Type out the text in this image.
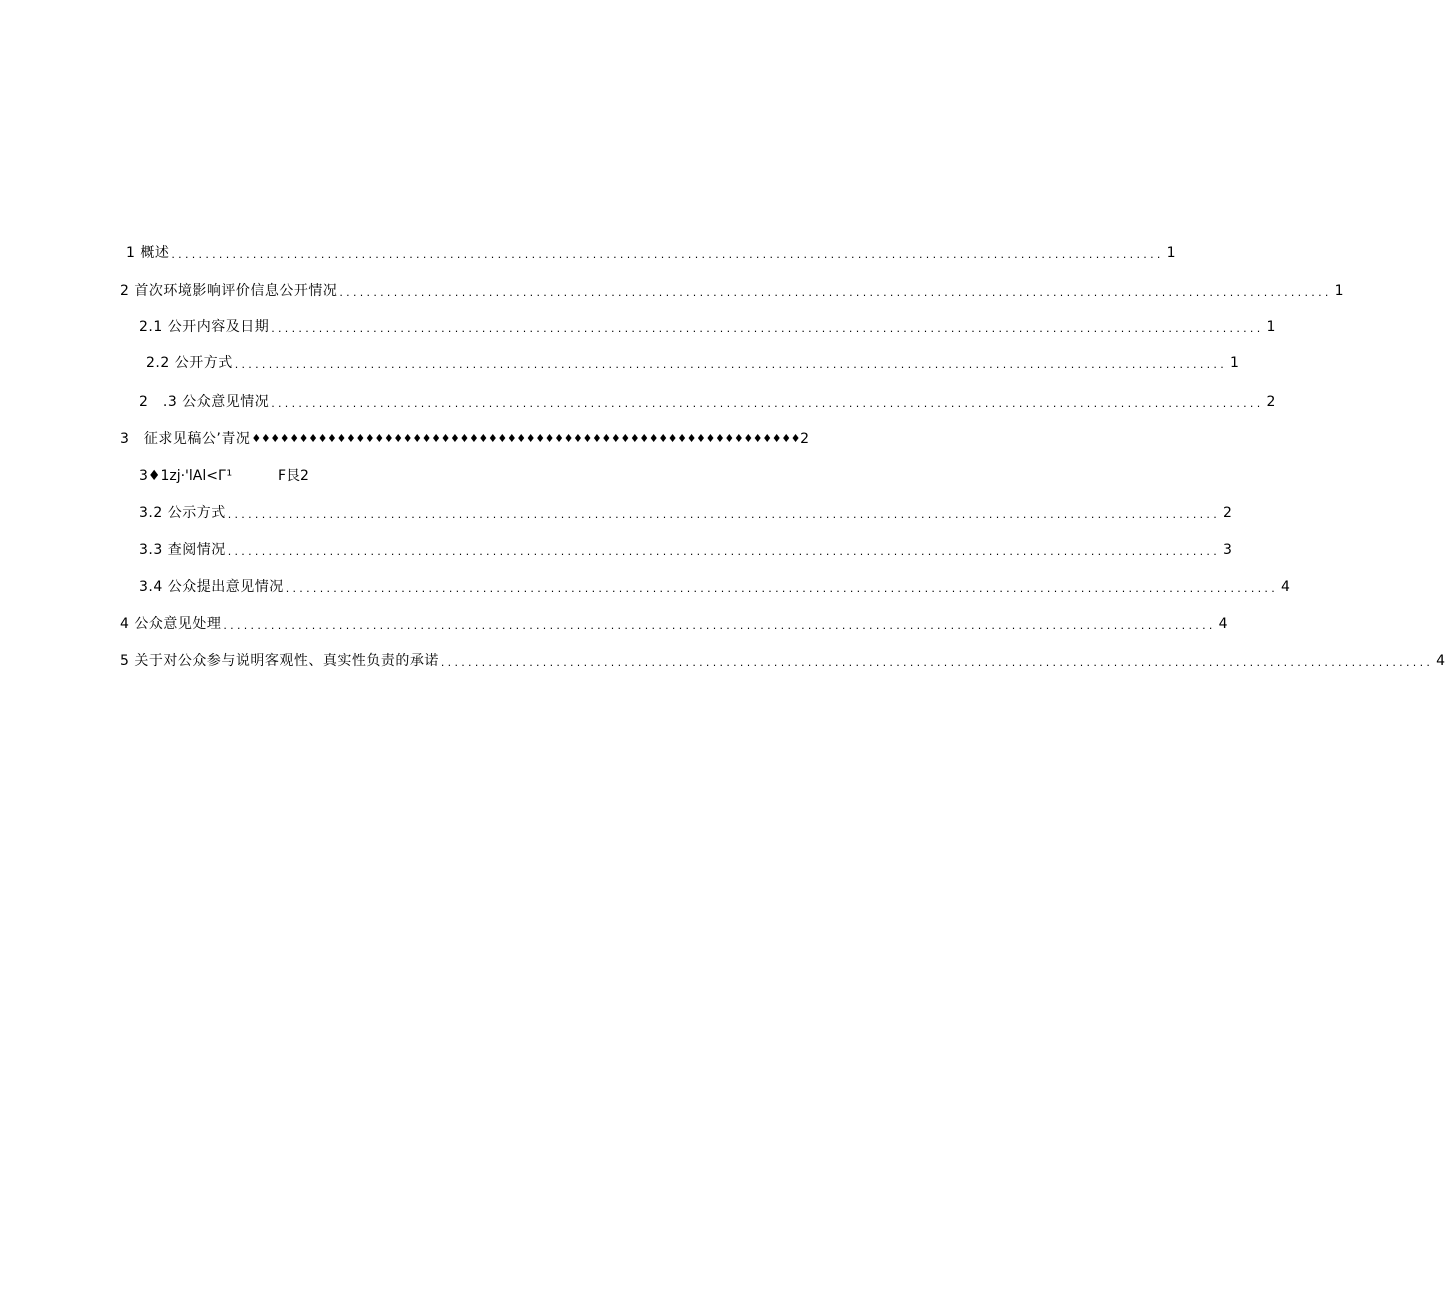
1 概述 .................................................................................................................................................. 1
2 首次环境影响评价信息公开情况 .................................................................................................................................................. 1
2.1 公开内容及日期 .................................................................................................................................................. 1
2.2 公开方式 .................................................................................................................................................. 1
2　.3 公众意见情况 .................................................................................................................................................. 2
3　征求见稿公’青况 ♦♦♦♦♦♦♦♦♦♦♦♦♦♦♦♦♦♦♦♦♦♦♦♦♦♦♦♦♦♦♦♦♦♦♦♦♦♦♦♦♦♦♦♦♦♦♦♦♦♦♦♦♦♦♦♦♦♦ 2
3♦1zj·'lAl<Г¹	F艮2
3.2 公示方式 .................................................................................................................................................. 2
3.3 查阅情况 .................................................................................................................................................. 3
3.4 公众提出意见情况 .................................................................................................................................................. 4
4 公众意见处理 .................................................................................................................................................. 4
5 关于对公众参与说明客观性、真实性负责的承诺 .................................................................................................................................................. 4
